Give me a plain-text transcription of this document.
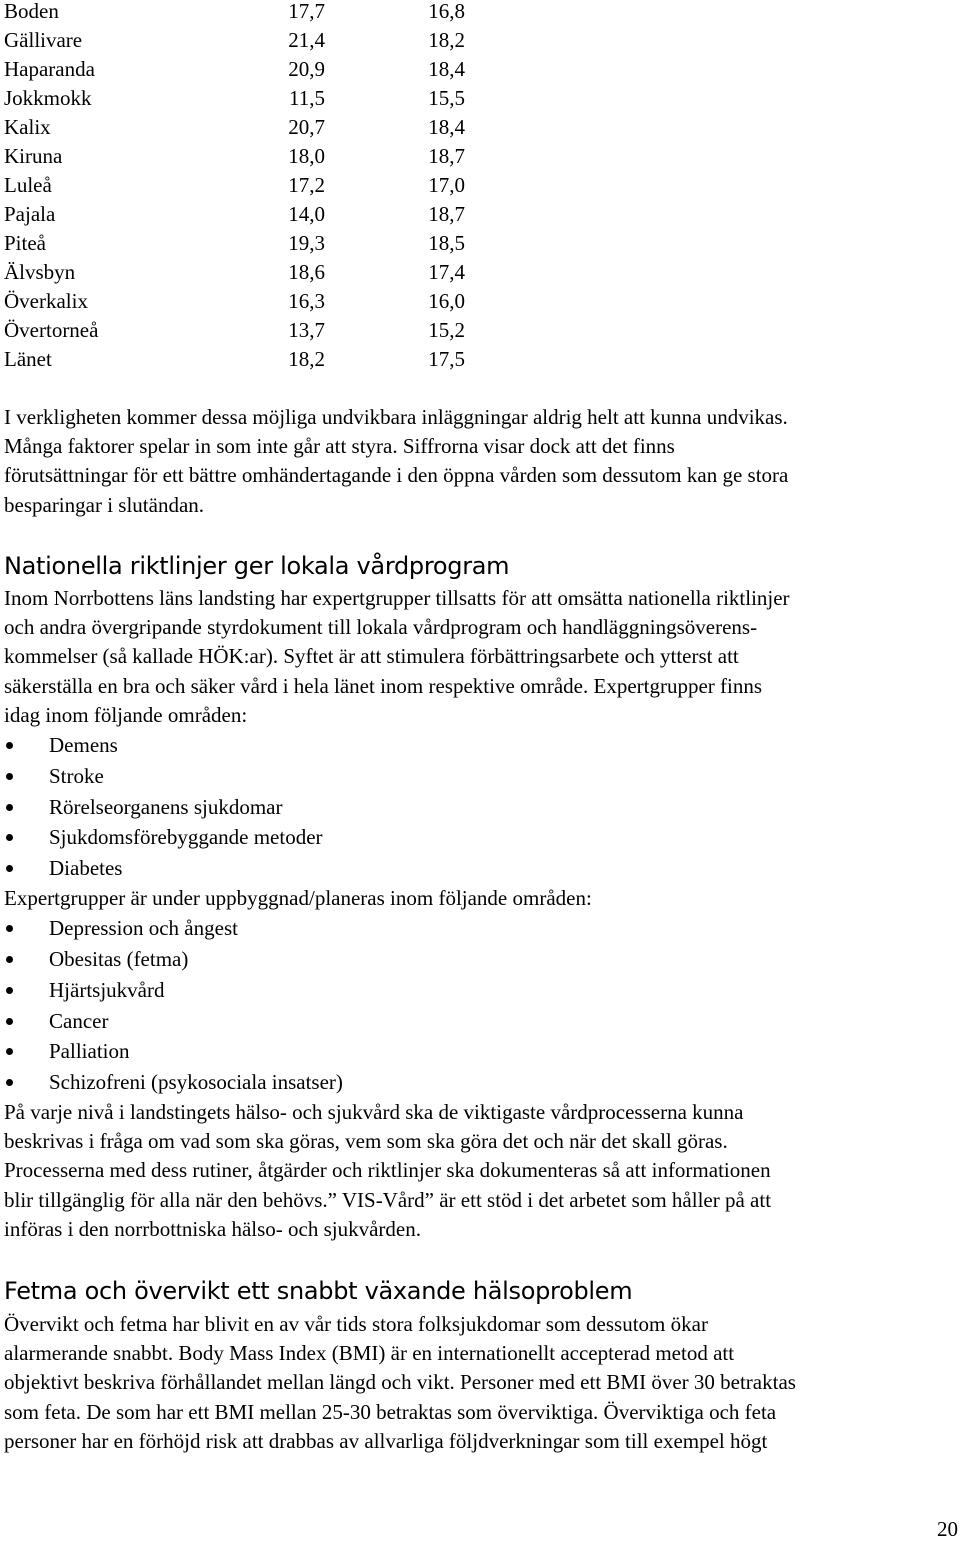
Boden	17,7		16,8
Gällivare	21,4		18,2
Haparanda	20,9		18,4
Jokkmokk	11,5		15,5
Kalix	20,7		18,4
Kiruna	18,0		18,7
Luleå	17,2		17,0
Pajala	14,0		18,7
Piteå	19,3		18,5
Älvsbyn	18,6		17,4
Överkalix	16,3		16,0
Övertorneå	13,7		15,2
Länet	18,2		17,5

I verkligheten kommer dessa möjliga undvikbara inläggningar aldrig helt att kunna undvikas.

Många faktorer spelar in som inte går att styra. Siffrorna visar dock att det finns

förutsättningar för ett bättre omhändertagande i den öppna vården som dessutom kan ge stora

besparingar i slutändan.

Nationella riktlinjer ger lokala vårdprogram

Inom Norrbottens läns landsting har expertgrupper tillsatts för att omsätta nationella riktlinjer

och andra övergripande styrdokument till lokala vårdprogram och handläggningsöverens-

kommelser (så kallade HÖK:ar). Syftet är att stimulera förbättringsarbete och ytterst att

säkerställa en bra och säker vård i hela länet inom respektive område. Expertgrupper finns

idag inom följande områden:

Demens
Stroke
Rörelseorganens sjukdomar
Sjukdomsförebyggande metoder
Diabetes

Expertgrupper är under uppbyggnad/planeras inom följande områden:

Depression och ångest
Obesitas (fetma)
Hjärtsjukvård
Cancer
Palliation
Schizofreni (psykosociala insatser)

På varje nivå i landstingets hälso- och sjukvård ska de viktigaste vårdprocesserna kunna

beskrivas i fråga om vad som ska göras, vem som ska göra det och när det skall göras.

Processerna med dess rutiner, åtgärder och riktlinjer ska dokumenteras så att informationen

blir tillgänglig för alla när den behövs.” VIS-Vård” är ett stöd i det arbetet som håller på att

införas i den norrbottniska hälso- och sjukvården.

Fetma och övervikt ett snabbt växande hälsoproblem

Övervikt och fetma har blivit en av vår tids stora folksjukdomar som dessutom ökar

alarmerande snabbt. Body Mass Index (BMI) är en internationellt accepterad metod att

objektivt beskriva förhållandet mellan längd och vikt. Personer med ett BMI över 30 betraktas

som feta. De som har ett BMI mellan 25-30 betraktas som överviktiga. Överviktiga och feta

personer har en förhöjd risk att drabbas av allvarliga följdverkningar som till exempel högt

20
